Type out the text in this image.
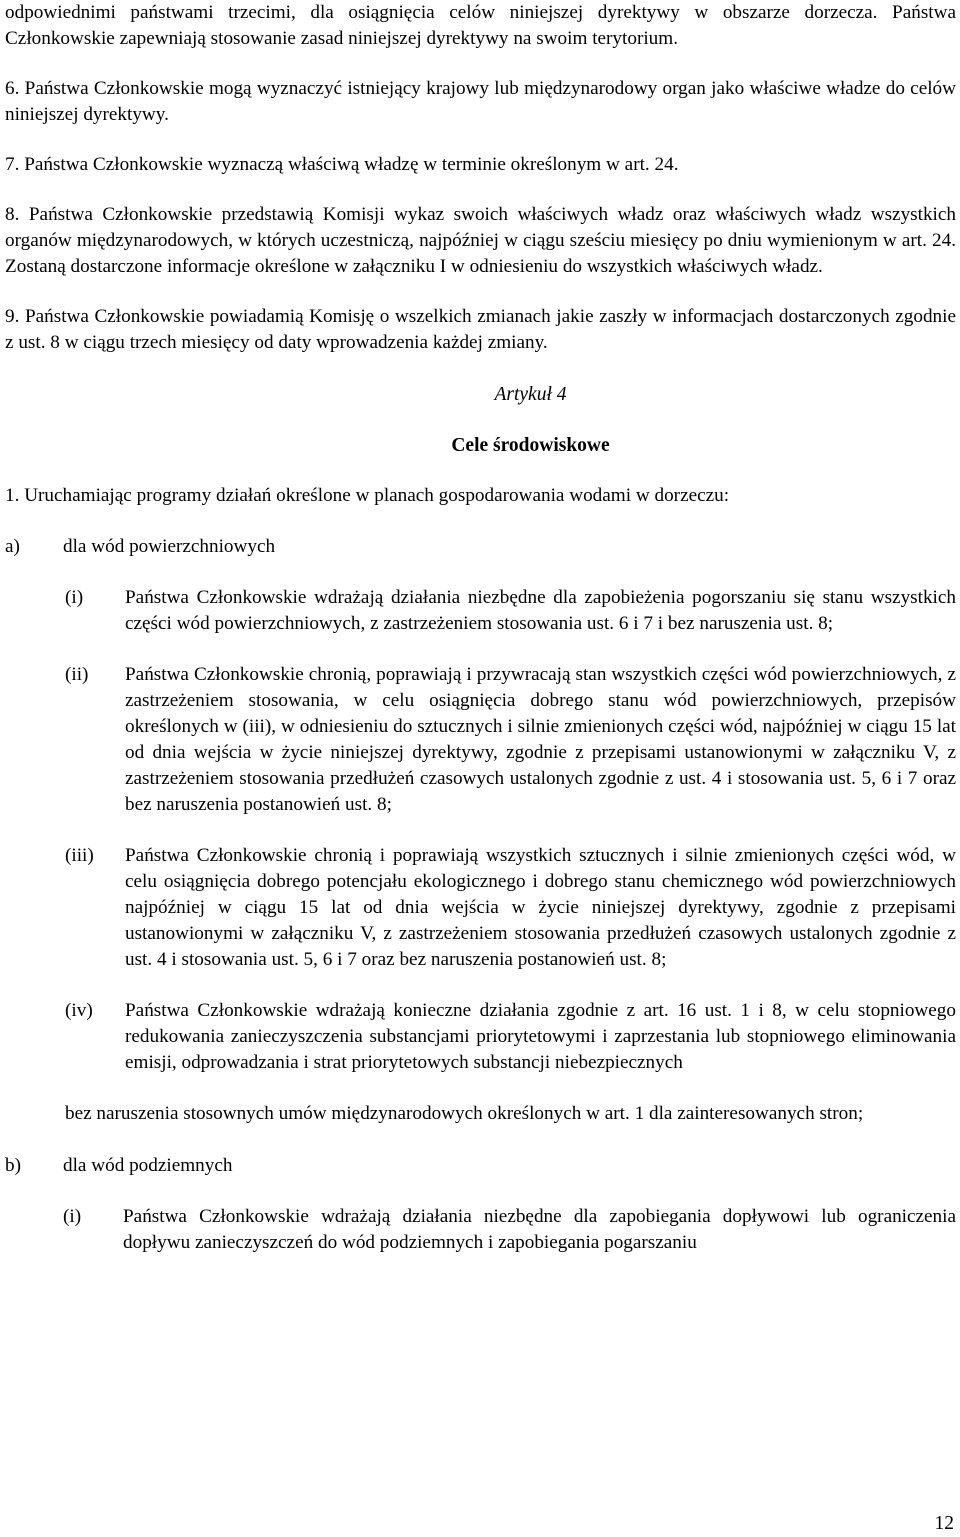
odpowiednimi państwami trzecimi, dla osiągnięcia celów niniejszej dyrektywy w obszarze dorzecza. Państwa Członkowskie zapewniają stosowanie zasad niniejszej dyrektywy na swoim terytorium.

6. Państwa Członkowskie mogą wyznaczyć istniejący krajowy lub międzynarodowy organ jako właściwe władze do celów niniejszej dyrektywy.

7. Państwa Członkowskie wyznaczą właściwą władzę w terminie określonym w art. 24.

8. Państwa Członkowskie przedstawią Komisji wykaz swoich właściwych władz oraz właściwych władz wszystkich organów międzynarodowych, w których uczestniczą, najpóźniej w ciągu sześciu miesięcy po dniu wymienionym w art. 24. Zostaną dostarczone informacje określone w załączniku I w odniesieniu do wszystkich właściwych władz.

9. Państwa Członkowskie powiadamią Komisję o wszelkich zmianach jakie zaszły w informacjach dostarczonych zgodnie z ust. 8 w ciągu trzech miesięcy od daty wprowadzenia każdej zmiany.

Artykuł 4

Cele środowiskowe

1. Uruchamiając programy działań określone w planach gospodarowania wodami w dorzeczu:

a)	dla wód powierzchniowych
(i)	Państwa Członkowskie wdrażają działania niezbędne dla zapobieżenia pogorszaniu się stanu wszystkich części wód powierzchniowych, z zastrzeżeniem stosowania ust. 6 i 7 i bez naruszenia ust. 8;
(ii)	Państwa Członkowskie chronią, poprawiają i przywracają stan wszystkich części wód powierzchniowych, z zastrzeżeniem stosowania, w celu osiągnięcia dobrego stanu wód powierzchniowych, przepisów określonych w (iii), w odniesieniu do sztucznych i silnie zmienionych części wód, najpóźniej w ciągu 15 lat od dnia wejścia w życie niniejszej dyrektywy, zgodnie z przepisami ustanowionymi w załączniku V, z zastrzeżeniem stosowania przedłużeń czasowych ustalonych zgodnie z ust. 4 i stosowania ust. 5, 6 i 7 oraz bez naruszenia postanowień ust. 8;
(iii)	Państwa Członkowskie chronią i poprawiają wszystkich sztucznych i silnie zmienionych części wód, w celu osiągnięcia dobrego potencjału ekologicznego i dobrego stanu chemicznego wód powierzchniowych najpóźniej w ciągu 15 lat od dnia wejścia w życie niniejszej dyrektywy, zgodnie z przepisami ustanowionymi w załączniku V, z zastrzeżeniem stosowania przedłużeń czasowych ustalonych zgodnie z ust. 4 i stosowania ust. 5, 6 i 7 oraz bez naruszenia postanowień ust. 8;
(iv)	Państwa Członkowskie wdrażają konieczne działania zgodnie z art. 16 ust. 1 i 8, w celu stopniowego redukowania zanieczyszczenia substancjami priorytetowymi i zaprzestania lub stopniowego eliminowania emisji, odprowadzania i strat priorytetowych substancji niebezpiecznych

bez naruszenia stosownych umów międzynarodowych określonych w art. 1 dla zainteresowanych stron;

b)	dla wód podziemnych
(i)	Państwa Członkowskie wdrażają działania niezbędne dla zapobiegania dopływowi lub ograniczenia dopływu zanieczyszczeń do wód podziemnych i zapobiegania pogarszaniu
12
